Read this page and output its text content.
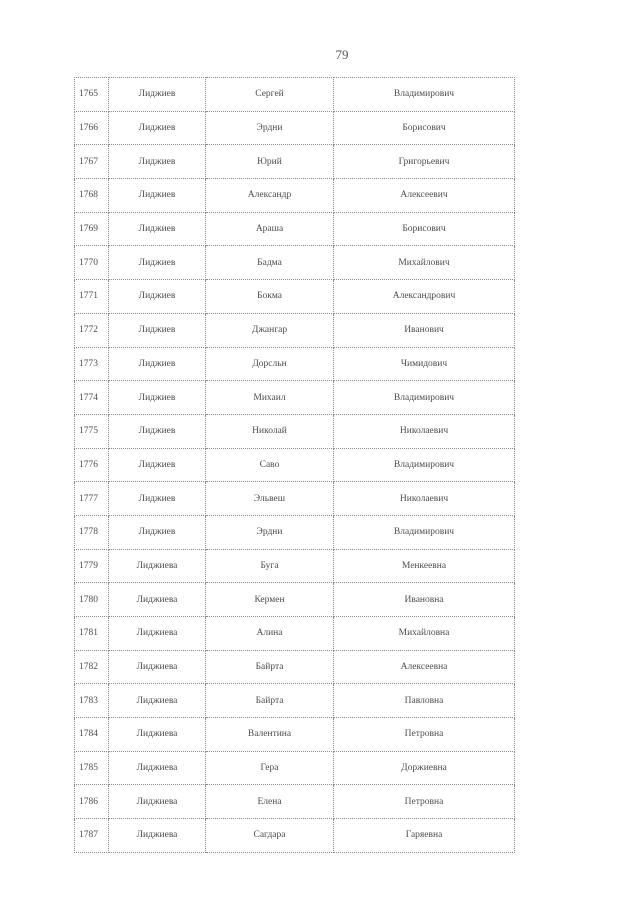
79
1765	Лиджиев	Сергей	Владимирович
1766	Лиджиев	Эрдни	Борисович
1767	Лиджиев	Юрий	Григорьевич
1768	Лиджиев	Александр	Алексеевич
1769	Лиджиев	Араша	Борисович
1770	Лиджиев	Бадма	Михайлович
1771	Лиджиев	Бокма	Александрович
1772	Лиджиев	Джангар	Иванович
1773	Лиджиев	Дорсльн	Чимидович
1774	Лиджиев	Михаил	Владимирович
1775	Лиджиев	Николай	Николаевич
1776	Лиджиев	Саво	Владимирович
1777	Лиджиев	Эльвеш	Николаевич
1778	Лиджиев	Эрдни	Владимирович
1779	Лиджиева	Буга	Менкеевна
1780	Лиджиева	Кермен	Ивановна
1781	Лиджиева	Алина	Михайловна
1782	Лиджиева	Байрта	Алексеевна
1783	Лиджиева	Байрта	Павловна
1784	Лиджиева	Валентина	Петровна
1785	Лиджиева	Гера	Доржиевна
1786	Лиджиева	Елена	Петровна
1787	Лиджиева	Сагдара	Гаряевна
